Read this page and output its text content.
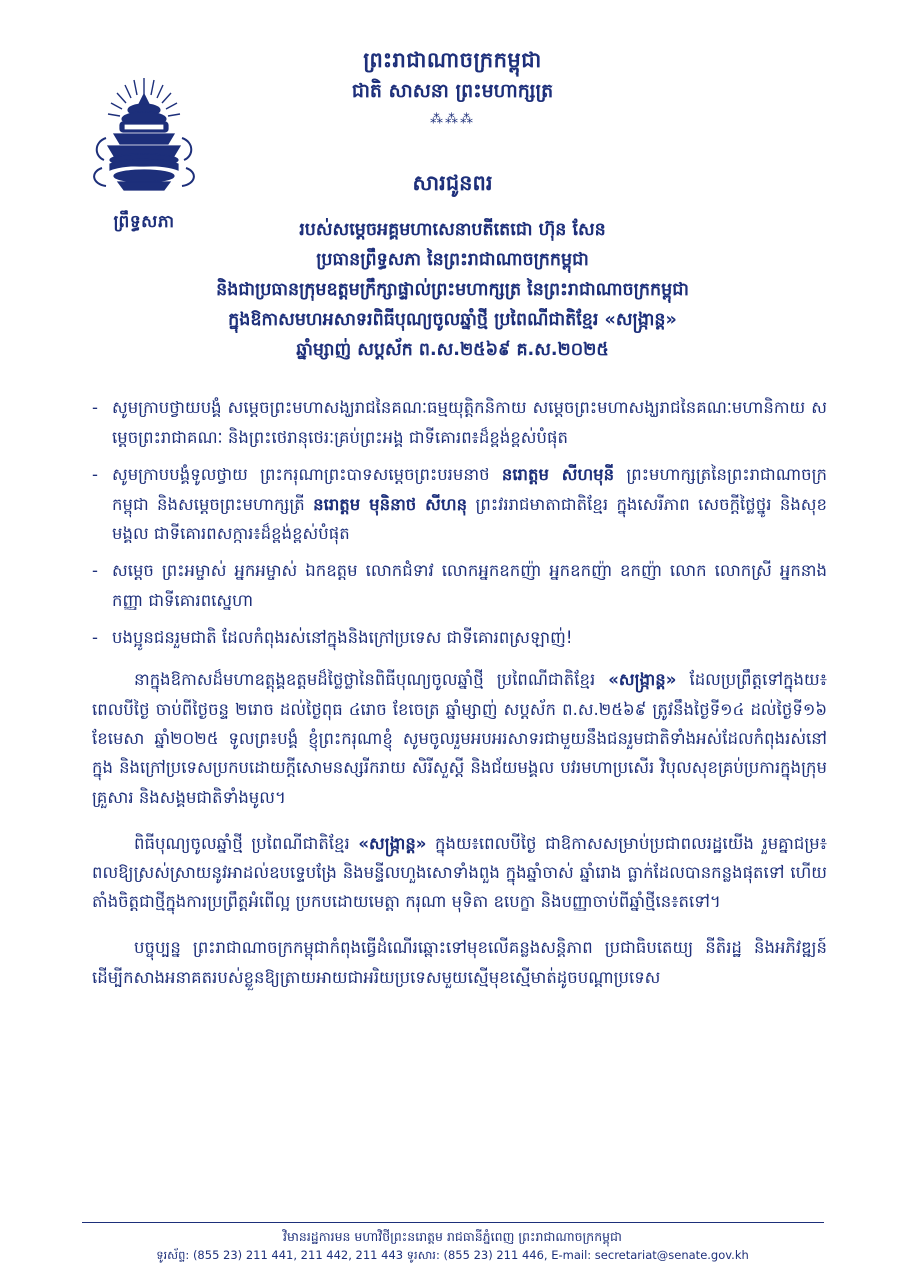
ព្រឹទ្ធសភា
ព្រះរាជាណាចក្រកម្ពុជា
ជាតិ សាសនា ព្រះមហាក្សត្រ
⁂⁂⁂
សារជូនពរ
របស់សម្តេចអគ្គមហាសេនាបតីតេជោ ហ៊ុន សែន
ប្រធានព្រឹទ្ធសភា នៃព្រះរាជាណាចក្រកម្ពុជា
និងជាប្រធានក្រុមឧត្តមក្រឹក្សាផ្ទាល់ព្រះមហាក្សត្រ នៃព្រះរាជាណាចក្រកម្ពុជា
ក្នុងឱកាសមហអសាទរពិធីបុណ្យចូលឆ្នាំថ្មី ប្រពៃណីជាតិខ្មែរ «សង្រ្កាន្ត»
ឆ្នាំម្សាញ់ សប្តស័ក ព.ស.២៥៦៩ គ.ស.២០២៥
- សូមក្រាបថ្វាយបង្គំ សម្តេចព្រះមហាសង្ឃរាជនៃគណៈធម្មយុត្តិកនិកាយ សម្តេចព្រះមហាសង្ឃរាជនៃគណៈមហានិកាយ សម្តេចព្រះរាជាគណៈ និងព្រះថេរានុថេរៈគ្រប់ព្រះអង្គ ជាទីគោរព៖ដ៏ខ្ពង់ខ្ពស់បំផុត
- សូមក្រាបបង្គំទូលថ្វាយ ព្រះករុណាព្រះបាទសម្តេចព្រះបរមនាថ នរោត្តម សីហមុនី ព្រះមហាក្សត្រនៃព្រះរាជាណាចក្រកម្ពុជា និងសម្តេចព្រះមហាក្សត្រី នរោត្តម មុនិនាថ សីហនុ ព្រះវររាជមាតាជាតិខ្មែរ ក្នុងសេរីភាព សេចក្តីថ្លៃថ្នូរ និងសុខមង្គល ជាទីគោរពសក្ការ៖ដ៏ខ្ពង់ខ្ពស់បំផុត
- សម្តេច ព្រះអម្ចាស់ អ្នកអម្ចាស់ ឯកឧត្តម លោកជំទាវ លោកអ្នកឧកញ៉ា អ្នកឧកញ៉ា ឧកញ៉ា លោក លោកស្រី អ្នកនាង កញ្ញា ជាទីគោរពស្នេហា
- បងប្អូនជនរួមជាតិ ដែលកំពុងរស់នៅក្នុងនិងក្រៅប្រទេស ជាទីគោរពស្រឡាញ់!

នាក្នុងឱកាសដ៏មហាឧត្តុង្គឧត្តមដ៏ថ្លៃថ្លានៃពិធីបុណ្យចូលឆ្នាំថ្មី ប្រពៃណីជាតិខ្មែរ «សង្រ្កាន្ត» ដែលប្រព្រឹត្តទៅក្នុងយ៖ពេលបីថ្ងៃ ចាប់ពីថ្ងៃចន្ទ ២រោច ដល់ថ្ងៃពុធ ៤រោច ខែចេត្រ ឆ្នាំម្សាញ់ សប្តស័ក ព.ស.២៥៦៩ ត្រូវនឹងថ្ងៃទី១៤ ដល់ថ្ងៃទី១៦ ខែមេសា ឆ្នាំ២០២៥ ទូលព្រ៖បង្គំ ខ្ញុំព្រះករុណាខ្ញុំ សូមចូលរួមអបអរសាទរជាមួយនឹងជនរួមជាតិទាំងអស់ដែលកំពុងរស់នៅក្នុង និងក្រៅប្រទេសប្រកបដោយក្តីសោមនស្សរីករាយ សិរីសួស្តី និងជ័យមង្គល បវរមហាប្រសើរ វិបុលសុខគ្រប់ប្រការក្នុងក្រុមគ្រួសារ និងសង្គមជាតិទាំងមូល។

ពិធីបុណ្យចូលឆ្នាំថ្មី ប្រពៃណីជាតិខ្មែរ «សង្រ្កាន្ត» ក្នុងយ៖ពេលបីថ្ងៃ ជាឱកាសសម្រាប់ប្រជាពលរដ្ឋយើង រួមគ្នាជម្រ៖ពលឱ្យស្រស់ស្រាយនូវអាដល់ឧបទេ្ទបង្រែ និងមន្ទីលហួងសោទាំងពួង ក្នុងឆ្នាំចាស់ ឆ្នាំរោង ធ្លាក់ដែលបានកន្លងផុតទៅ ហើយតាំងចិត្តជាថ្មីក្នុងការប្រព្រឹត្តអំពើល្អ ប្រកបដោយមេត្តា ករុណា មុទិតា ឧបេក្ខា និងបញ្ញាចាប់ពីឆ្នាំថ្មីនេ៖តទៅ។

បច្ចុប្បន្ន ព្រះរាជាណាចក្រកម្ពុជាកំពុងធ្វើដំណើរឆ្ពោះទៅមុខលើគន្លងសន្តិភាព ប្រជាធិបតេយ្យ នីតិរដ្ឋ និងអភិវឌ្ឍន៍ ដើម្បីកសាងអនាគតរបស់ខ្លួនឱ្យត្រាយអាយជាអរិយប្រទេសមួយស្មើមុខស្មើមាត់ដូចបណ្តាប្រទេស

វិមានរដ្ឋការមន មហាវិថីព្រះនរោត្តម រាជធានីភ្នំពេញ ព្រះរាជាណាចក្រកម្ពុជា
ទូរស័ព្ទ: (855 23) 211 441, 211 442, 211 443 ទូរសារ: (855 23) 211 446, E-mail: secretariat@senate.gov.kh
